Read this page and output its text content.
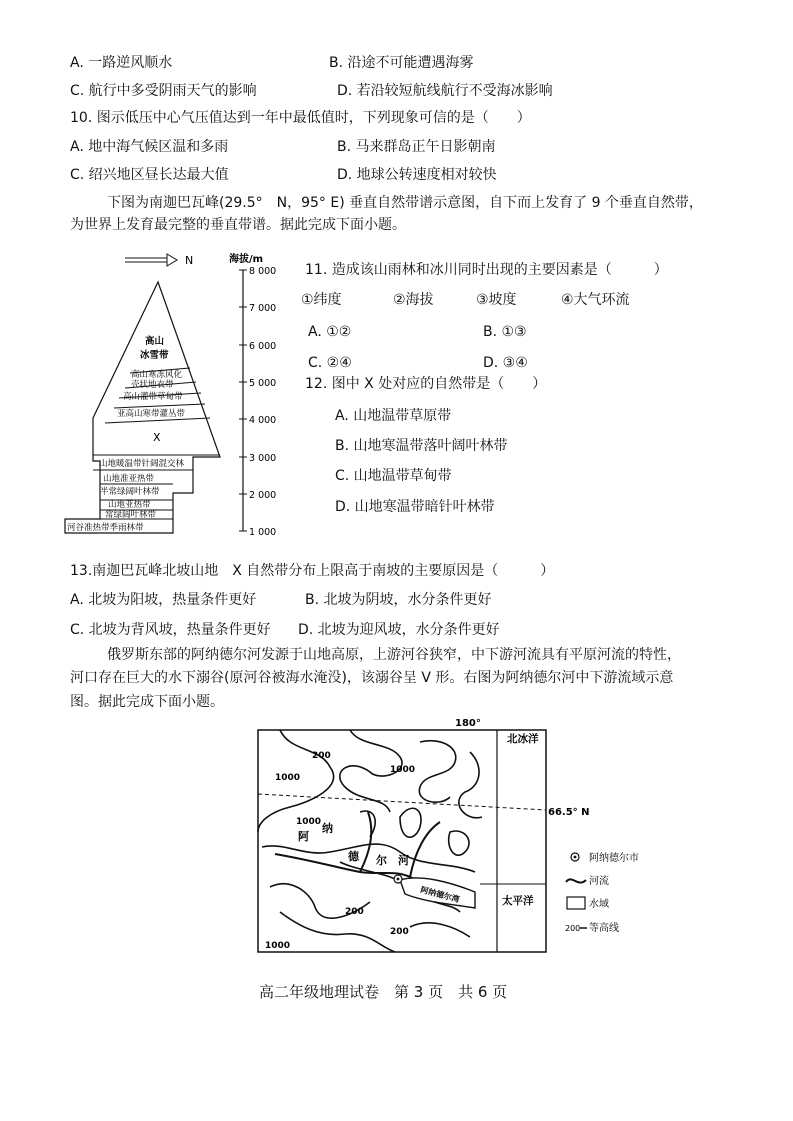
A. 一路逆风顺水	B. 沿途不可能遭遇海雾
C. 航行中多受阴雨天气的影响	D. 若沿较短航线航行不受海冰影响
10. 图示低压中心气压值达到一年中最低值时，下列现象可信的是（　　）
A. 地中海气候区温和多雨	B. 马来群岛正午日影朝南
C. 绍兴地区昼长达最大值	D. 地球公转速度相对较快
下图为南迦巴瓦峰(29.5°　N，95° E) 垂直自然带谱示意图，自下而上发育了 9 个垂直自然带，
为世界上发育最完整的垂直带谱。据此完成下面小题。
N	海拔/m
8 000
7 000
6 000
5 000
4 000
3 000
2 000
1 000
高山
冰雪带
高山寒冻风化
壳状地衣带
高山灌带草甸带
亚高山寒带灌丛带
X
山地暖温带针阔混交林
山地准亚热带
半常绿阔叶林带
山地亚热带
常绿阔叶林带
河谷准热带季雨林带
11. 造成该山雨林和冰川同时出现的主要因素是（　　　）
①纬度	②海拔	③坡度	④大气环流
A. ①②	B. ①③
C. ②④	D. ③④
12. 图中 X 处对应的自然带是（　　）
A. 山地温带草原带
B. 山地寒温带落叶阔叶林带
C. 山地温带草甸带
D. 山地寒温带暗针叶林带
13.南迦巴瓦峰北坡山地　X 自然带分布上限高于南坡的主要原因是（　　　）
A. 北坡为阳坡，热量条件更好	B. 北坡为阴坡，水分条件更好
C. 北坡为背风坡，热量条件更好 D. 北坡为迎风坡，水分条件更好
俄罗斯东部的阿纳德尔河发源于山地高原，上游河谷狭窄，中下游河流具有平原河流的特性，
河口存在巨大的水下溺谷(原河谷被海水淹没)，该溺谷呈 V 形。右图为阿纳德尔河中下游流域示意
图。据此完成下面小题。
180°
66.5° N
200
1000
1000
1000
200
200
1000
阿
纳
德 尔 河
阿纳德尔湾
北冰洋
太平洋
阿纳德尔市
河流
水域
200 等高线
高二年级地理试卷　第 3 页　共 6 页
